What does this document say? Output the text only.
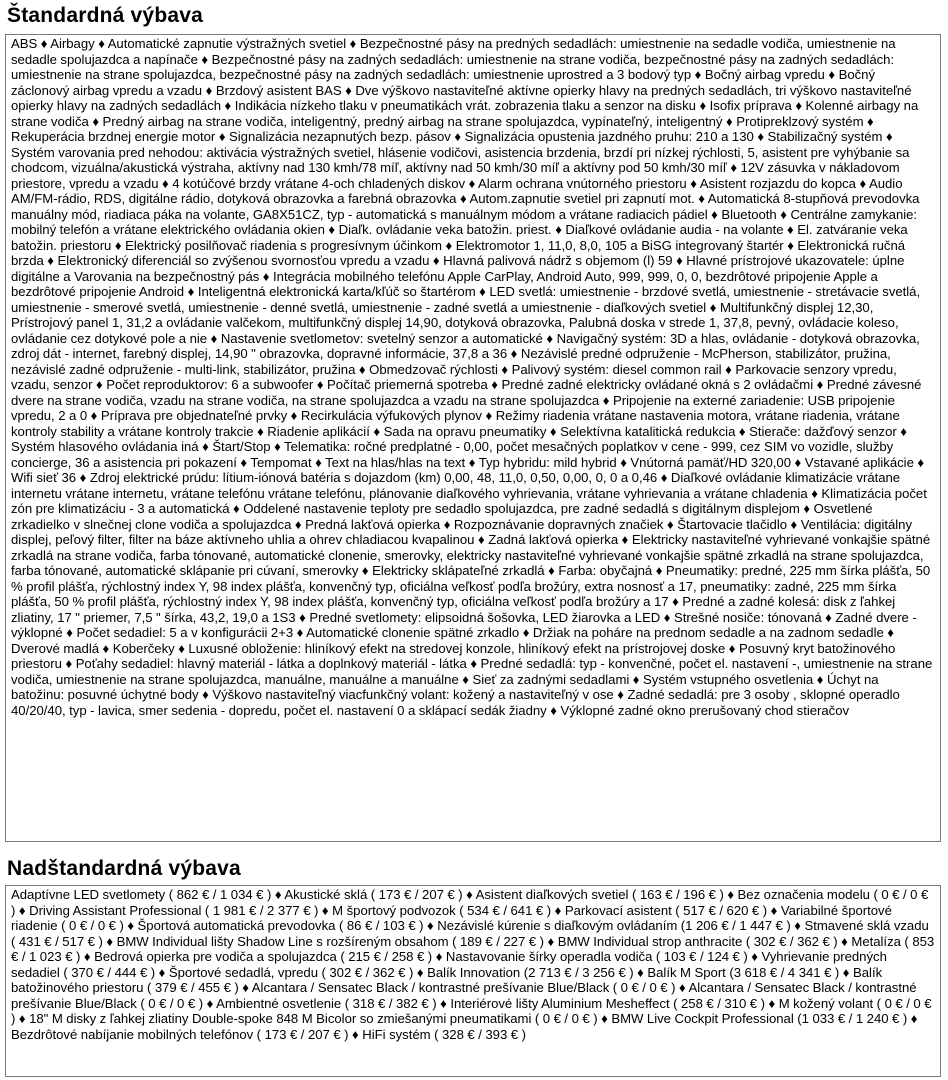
Štandardná výbava

ABS ♦ Airbagy ♦ Automatické zapnutie výstražných svetiel ♦ Bezpečnostné pásy na predných sedadlách: umiestnenie na sedadle vodiča, umiestnenie na sedadle spolujazdca a napínače ♦ Bezpečnostné pásy na zadných sedadlách: umiestnenie na strane vodiča, bezpečnostné pásy na zadných sedadlách: umiestnenie na strane spolujazdca, bezpečnostné pásy na zadných sedadlách: umiestnenie uprostred a 3 bodový typ ♦ Bočný airbag vpredu ♦ Bočný záclonový airbag vpredu a vzadu ♦ Brzdový asistent BAS ♦ Dve výškovo nastaviteľné aktívne opierky hlavy na predných sedadlách, tri výškovo nastaviteľné opierky hlavy na zadných sedadlách ♦ Indikácia nízkeho tlaku v pneumatikách vrát. zobrazenia tlaku a senzor na disku ♦ Isofix príprava ♦ Kolenné airbagy na strane vodiča ♦ Predný airbag na strane vodiča, inteligentný, predný airbag na strane spolujazdca, vypínateľný, inteligentný ♦ Protipreklzový systém ♦ Rekuperácia brzdnej energie motor ♦ Signalizácia nezapnutých bezp. pásov ♦ Signalizácia opustenia jazdného pruhu: 210 a 130 ♦ Stabilizačný systém ♦ Systém varovania pred nehodou: aktivácia výstražných svetiel, hlásenie vodičovi, asistencia brzdenia, brzdí pri nízkej rýchlosti, 5, asistent pre vyhýbanie sa chodcom, vizuálna/akustická výstraha, aktívny nad 130 kmh/78 míľ, aktívny nad 50 kmh/30 míľ a aktívny pod 50 kmh/30 míľ ♦ 12V zásuvka v nákladovom priestore, vpredu a vzadu ♦ 4 kotúčové brzdy vrátane 4-och chladených diskov ♦ Alarm ochrana vnútorného priestoru ♦ Asistent rozjazdu do kopca ♦ Audio AM/FM-rádio, RDS, digitálne rádio, dotyková obrazovka a farebná obrazovka ♦ Autom.zapnutie svetiel pri zapnutí mot. ♦ Automatická 8-stupňová prevodovka manuálny mód, riadiaca páka na volante, GA8X51CZ, typ - automatická s manuálnym módom a vrátane radiacich pádiel ♦ Bluetooth ♦ Centrálne zamykanie: mobilný telefón a vrátane elektrického ovládania okien ♦ Diaľk. ovládanie veka batožin. priest. ♦ Diaľkové ovládanie audia - na volante ♦ El. zatváranie veka batožin. priestoru ♦ Elektrický posilňovač riadenia s progresívnym účinkom ♦ Elektromotor 1, 11,0, 8,0, 105 a BiSG integrovaný štartér ♦ Elektronická ručná brzda ♦ Elektronický diferenciál so zvýšenou svornosťou vpredu a vzadu ♦ Hlavná palivová nádrž s objemom (l) 59 ♦ Hlavné prístrojové ukazovatele: úplne digitálne a Varovania na bezpečnostný pás ♦ Integrácia mobilného telefónu Apple CarPlay, Android Auto, 999, 999, 0, 0, bezdrôtové pripojenie Apple a bezdrôtové pripojenie Android ♦ Inteligentná elektronická karta/kľúč so štartérom ♦ LED svetlá: umiestnenie - brzdové svetlá, umiestnenie - stretávacie svetlá, umiestnenie - smerové svetlá, umiestnenie - denné svetlá, umiestnenie - zadné svetlá a umiestnenie - diaľkových svetiel ♦ Multifunkčný displej 12,30, Prístrojový panel 1, 31,2 a ovládanie valčekom, multifunkčný displej 14,90, dotyková obrazovka, Palubná doska v strede 1, 37,8, pevný, ovládacie koleso, ovládanie cez dotykové pole a nie ♦ Nastavenie svetlometov: svetelný senzor a automatické ♦ Navigačný systém: 3D a hlas, ovládanie - dotyková obrazovka, zdroj dát - internet, farebný displej, 14,90 " obrazovka, dopravné informácie, 37,8 a 36 ♦ Nezávislé predné odpruženie - McPherson, stabilizátor, pružina, nezávislé zadné odpruženie - multi-link, stabilizátor, pružina ♦ Obmedzovač rýchlosti ♦ Palivový systém: diesel common rail ♦ Parkovacie senzory vpredu, vzadu, senzor ♦ Počet reproduktorov: 6 a subwoofer ♦ Počítač priemerná spotreba ♦ Predné zadné elektricky ovládané okná s 2 ovládačmi ♦ Predné závesné dvere na strane vodiča, vzadu na strane vodiča, na strane spolujazdca a vzadu na strane spolujazdca ♦ Pripojenie na externé zariadenie: USB pripojenie vpredu, 2 a 0 ♦ Príprava pre objednateľné prvky ♦ Recirkulácia výfukových plynov ♦ Režimy riadenia vrátane nastavenia motora, vrátane riadenia, vrátane kontroly stability a vrátane kontroly trakcie ♦ Riadenie aplikácií ♦ Sada na opravu pneumatiky ♦ Selektívna katalitická redukcia ♦ Stierače: dažďový senzor ♦ Systém hlasového ovládania iná ♦ Štart/Stop ♦ Telematika: ročné predplatné - 0,00, počet mesačných poplatkov v cene - 999, cez SIM vo vozidle, služby concierge, 36 a asistencia pri pokazení ♦ Tempomat ♦ Text na hlas/hlas na text ♦ Typ hybridu: mild hybrid ♦ Vnútorná pamäť/HD 320,00 ♦ Vstavané aplikácie ♦ Wifi sieť 36 ♦ Zdroj elektrické prúdu: lítium-iónová batéria s dojazdom (km) 0,00, 48, 11,0, 0,50, 0,00, 0, 0 a 0,46 ♦ Diaľkové ovládanie klimatizácie vrátane internetu vrátane internetu, vrátane telefónu vrátane telefónu, plánovanie diaľkového vyhrievania, vrátane vyhrievania a vrátane chladenia ♦ Klimatizácia počet zón pre klimatizáciu - 3 a automatická ♦ Oddelené nastavenie teploty pre sedadlo spolujazdca, pre zadné sedadlá s digitálnym displejom ♦ Osvetlené zrkadielko v slnečnej clone vodiča a spolujazdca ♦ Predná lakťová opierka ♦ Rozpoznávanie dopravných značiek ♦ Štartovacie tlačidlo ♦ Ventilácia: digitálny displej, peľový filter, filter na báze aktívneho uhlia a ohrev chladiacou kvapalinou ♦ Zadná lakťová opierka ♦ Elektricky nastaviteľné vyhrievané vonkajšie spätné zrkadlá na strane vodiča, farba tónované, automatické clonenie, smerovky, elektricky nastaviteľné vyhrievané vonkajšie spätné zrkadlá na strane spolujazdca, farba tónované, automatické sklápanie pri cúvaní, smerovky ♦ Elektricky sklápateľné zrkadlá ♦ Farba: obyčajná ♦ Pneumatiky: predné, 225 mm šírka plášťa, 50 % profil plášťa, rýchlostný index Y, 98 index plášťa, konvenčný typ, oficiálna veľkosť podľa brožúry, extra nosnosť a 17, pneumatiky: zadné, 225 mm šírka plášťa, 50 % profil plášťa, rýchlostný index Y, 98 index plášťa, konvenčný typ, oficiálna veľkosť podľa brožúry a 17 ♦ Predné a zadné kolesá: disk z ľahkej zliatiny, 17 " priemer, 7,5 " šírka, 43,2, 19,0 a 1S3 ♦ Predné svetlomety: elipsoidná šošovka, LED žiarovka a LED ♦ Strešné nosiče: tónovaná ♦ Zadné dvere - výklopné ♦ Počet sedadiel: 5 a v konfigurácii 2+3 ♦ Automatické clonenie spätné zrkadlo ♦ Držiak na poháre na prednom sedadle a na zadnom sedadle ♦ Dverové madlá ♦ Koberčeky ♦ Luxusné obloženie: hliníkový efekt na stredovej konzole, hliníkový efekt na prístrojovej doske ♦ Posuvný kryt batožinového priestoru ♦ Poťahy sedadiel: hlavný materiál - látka a doplnkový materiál - látka ♦ Predné sedadlá: typ - konvenčné, počet el. nastavení -, umiestnenie na strane vodiča, umiestnenie na strane spolujazdca, manuálne, manuálne a manuálne ♦ Sieť za zadnými sedadlami ♦ Systém vstupného osvetlenia ♦ Úchyt na batožinu: posuvné úchytné body ♦ Výškovo nastaviteľný viacfunkčný volant: kožený a nastaviteľný v ose ♦ Zadné sedadlá: pre 3 osoby , sklopné operadlo 40/20/40, typ - lavica, smer sedenia - dopredu, počet el. nastavení 0 a sklápací sedák žiadny ♦ Výklopné zadné okno prerušovaný chod stieračov

Nadštandardná výbava

Adaptívne LED svetlomety ( 862 € / 1 034 € ) ♦ Akustické sklá ( 173 € / 207 € ) ♦ Asistent diaľkových svetiel ( 163 € / 196 € ) ♦ Bez označenia modelu ( 0 € / 0 € ) ♦ Driving Assistant Professional ( 1 981 € / 2 377 € ) ♦ M športový podvozok ( 534 € / 641 € ) ♦ Parkovací asistent ( 517 € / 620 € ) ♦ Variabilné športové riadenie ( 0 € / 0 € ) ♦ Športová automatická prevodovka ( 86 € / 103 € ) ♦ Nezávislé kúrenie s diaľkovým ovládaním (1 206 € / 1 447 € ) ♦ Stmavené sklá vzadu ( 431 € / 517 € ) ♦ BMW Individual lišty Shadow Line s rozšíreným obsahom ( 189 € / 227 € ) ♦ BMW Individual strop anthracite ( 302 € / 362 € ) ♦ Metalíza ( 853 € / 1 023 € ) ♦ Bedrová opierka pre vodiča a spolujazdca ( 215 € / 258 € ) ♦ Nastavovanie šírky operadla vodiča ( 103 € / 124 € ) ♦ Vyhrievanie predných sedadiel ( 370 € / 444 € ) ♦ Športové sedadlá, vpredu ( 302 € / 362 € ) ♦ Balík Innovation (2 713 € / 3 256 € ) ♦ Balík M Sport (3 618 € / 4 341 € ) ♦ Balík batožinového priestoru ( 379 € / 455 € ) ♦ Alcantara / Sensatec Black / kontrastné prešívanie Blue/Black ( 0 € / 0 € ) ♦ Alcantara / Sensatec Black / kontrastné prešívanie Blue/Black ( 0 € / 0 € ) ♦ Ambientné osvetlenie ( 318 € / 382 € ) ♦ Interiérové lišty Aluminium Mesheffect ( 258 € / 310 € ) ♦ M kožený volant ( 0 € / 0 € ) ♦ 18" M disky z ľahkej zliatiny Double-spoke 848 M Bicolor so zmiešanými pneumatikami ( 0 € / 0 € ) ♦ BMW Live Cockpit Professional (1 033 € / 1 240 € ) ♦ Bezdrôtové nabíjanie mobilných telefónov ( 173 € / 207 € ) ♦ HiFi systém ( 328 € / 393 € )
